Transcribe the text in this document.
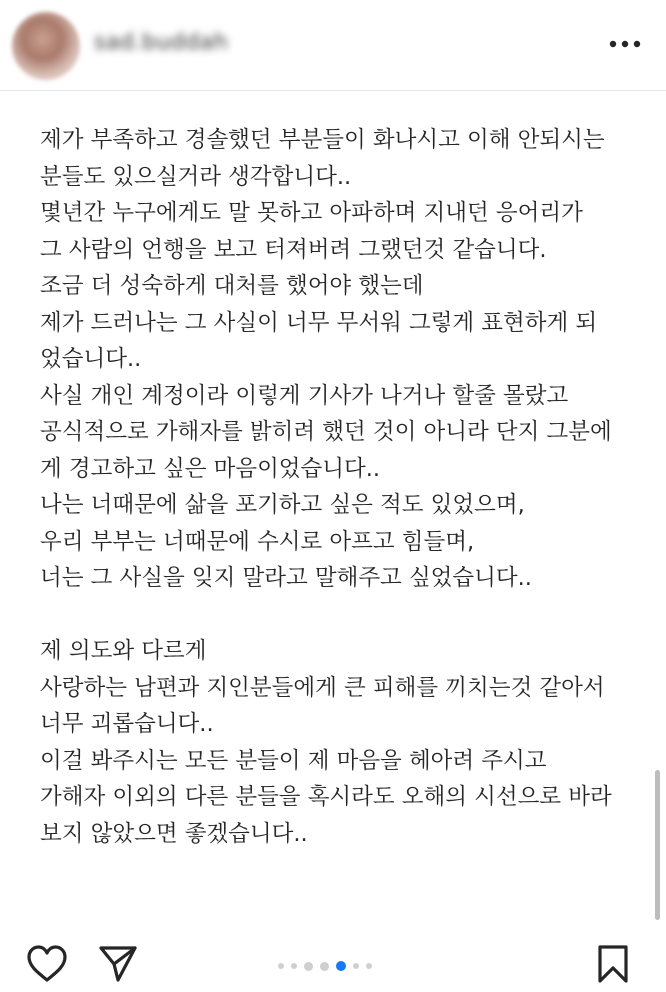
sad.buddah
제가 부족하고 경솔했던 부분들이 화나시고 이해 안되시는
분들도 있으실거라 생각합니다..
몇년간 누구에게도 말 못하고 아파하며 지내던 응어리가
그 사람의 언행을 보고 터져버려 그랬던것 같습니다.
조금 더 성숙하게 대처를 했어야 했는데
제가 드러나는 그 사실이 너무 무서워 그렇게 표현하게 되
었습니다..
사실 개인 계정이라 이렇게 기사가 나거나 할줄 몰랐고
공식적으로 가해자를 밝히려 했던 것이 아니라 단지 그분에
게 경고하고 싶은 마음이었습니다..
나는 너때문에 삶을 포기하고 싶은 적도 있었으며,
우리 부부는 너때문에 수시로 아프고 힘들며,
너는 그 사실을 잊지 말라고 말해주고 싶었습니다..
제 의도와 다르게
사랑하는 남편과 지인분들에게 큰 피해를 끼치는것 같아서
너무 괴롭습니다..
이걸 봐주시는 모든 분들이 제 마음을 헤아려 주시고
가해자 이외의 다른 분들을 혹시라도 오해의 시선으로 바라
보지 않았으면 좋겠습니다..
